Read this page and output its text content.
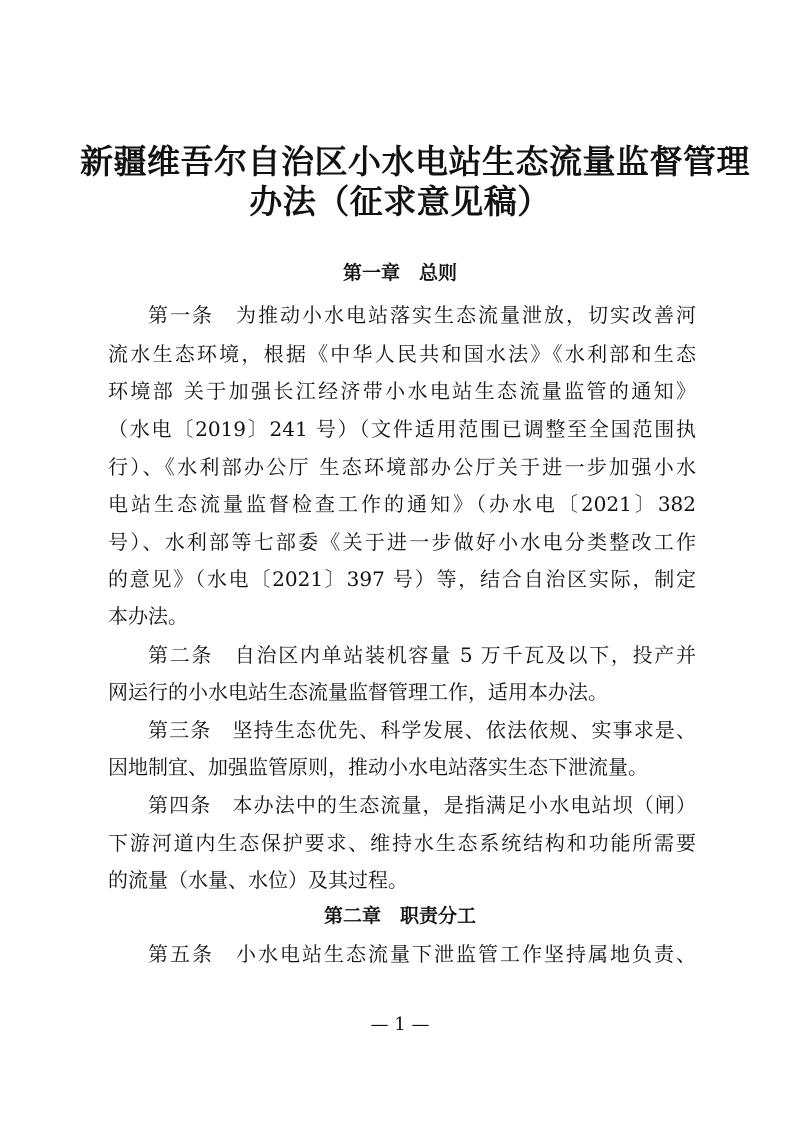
新疆维吾尔自治区小水电站生态流量监督管理
办法（征求意见稿）
第一章　总则
第一条　为推动小水电站落实生态流量泄放，切实改善河
流水生态环境，根据《中华人民共和国水法》《水利部和生态
环境部 关于加强长江经济带小水电站生态流量监管的通知》
（水电〔2019〕241 号）（文件适用范围已调整至全国范围执
行）、《水利部办公厅 生态环境部办公厅关于进一步加强小水
电站生态流量监督检查工作的通知》（办水电〔2021〕382
号）、水利部等七部委《关于进一步做好小水电分类整改工作
的意见》（水电〔2021〕397 号）等，结合自治区实际，制定
本办法。
第二条　自治区内单站装机容量 5 万千瓦及以下，投产并
网运行的小水电站生态流量监督管理工作，适用本办法。
第三条　坚持生态优先、科学发展、依法依规、实事求是、
因地制宜、加强监管原则，推动小水电站落实生态下泄流量。
第四条　本办法中的生态流量，是指满足小水电站坝（闸）
下游河道内生态保护要求、维持水生态系统结构和功能所需要
的流量（水量、水位）及其过程。
第二章　职责分工
第五条　小水电站生态流量下泄监管工作坚持属地负责、
— 1 —
